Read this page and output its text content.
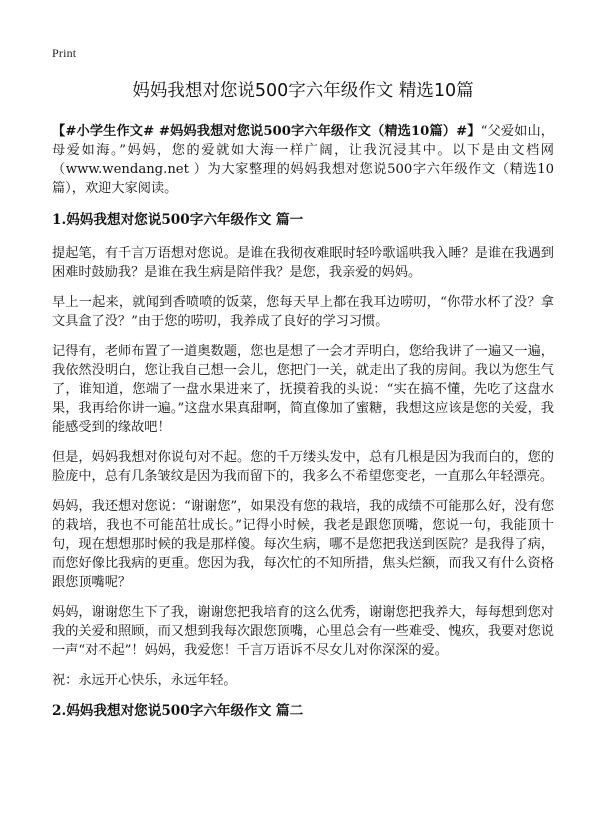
Print
妈妈我想对您说500字六年级作文 精选10篇

【#小学生作文# #妈妈我想对您说500字六年级作文（精选10篇）#】“父爱如山，母爱如海。”妈妈，您的爱就如大海一样广阔，让我沉浸其中。以下是由文档网（www.wendang.net ）为大家整理的妈妈我想对您说500字六年级作文（精选10篇），欢迎大家阅读。

1.妈妈我想对您说500字六年级作文 篇一

提起笔，有千言万语想对您说。是谁在我彻夜难眠时轻吟歌谣哄我入睡？是谁在我遇到困难时鼓励我？是谁在我生病是陪伴我？是您，我亲爱的妈妈。

早上一起来，就闻到香喷喷的饭菜，您每天早上都在我耳边唠叨，“你带水杯了没？拿文具盒了没？”由于您的唠叨，我养成了良好的学习习惯。

记得有，老师布置了一道奥数题，您也是想了一会才弄明白，您给我讲了一遍又一遍，我依然没明白，您让我自己想一会儿，您把门一关，就走出了我的房间。我以为您生气了，谁知道，您端了一盘水果进来了，抚摸着我的头说：“实在搞不懂，先吃了这盘水果，我再给你讲一遍。”这盘水果真甜啊，简直像加了蜜糖，我想这应该是您的关爱，我能感受到的缘故吧！

但是，妈妈我想对你说句对不起。您的千万缕头发中，总有几根是因为我而白的，您的脸庞中，总有几条皱纹是因为我而留下的，我多么不希望您变老，一直那么年轻漂亮。

妈妈，我还想对您说：“谢谢您”，如果没有您的栽培，我的成绩不可能那么好，没有您的栽培，我也不可能茁壮成长。”记得小时候，我老是跟您顶嘴，您说一句，我能顶十句，现在想想那时候的我是那样傻。每次生病，哪不是您把我送到医院？是我得了病，而您好像比我病的更重。您因为我，每次忙的不知所措，焦头烂额，而我又有什么资格跟您顶嘴呢？

妈妈，谢谢您生下了我，谢谢您把我培育的这么优秀，谢谢您把我养大，每每想到您对我的关爱和照顾，而又想到我每次跟您顶嘴，心里总会有一些难受、愧疚，我要对您说一声“对不起”！妈妈，我爱您！千言万语诉不尽女儿对你深深的爱。

祝：永远开心快乐，永远年轻。

2.妈妈我想对您说500字六年级作文 篇二
